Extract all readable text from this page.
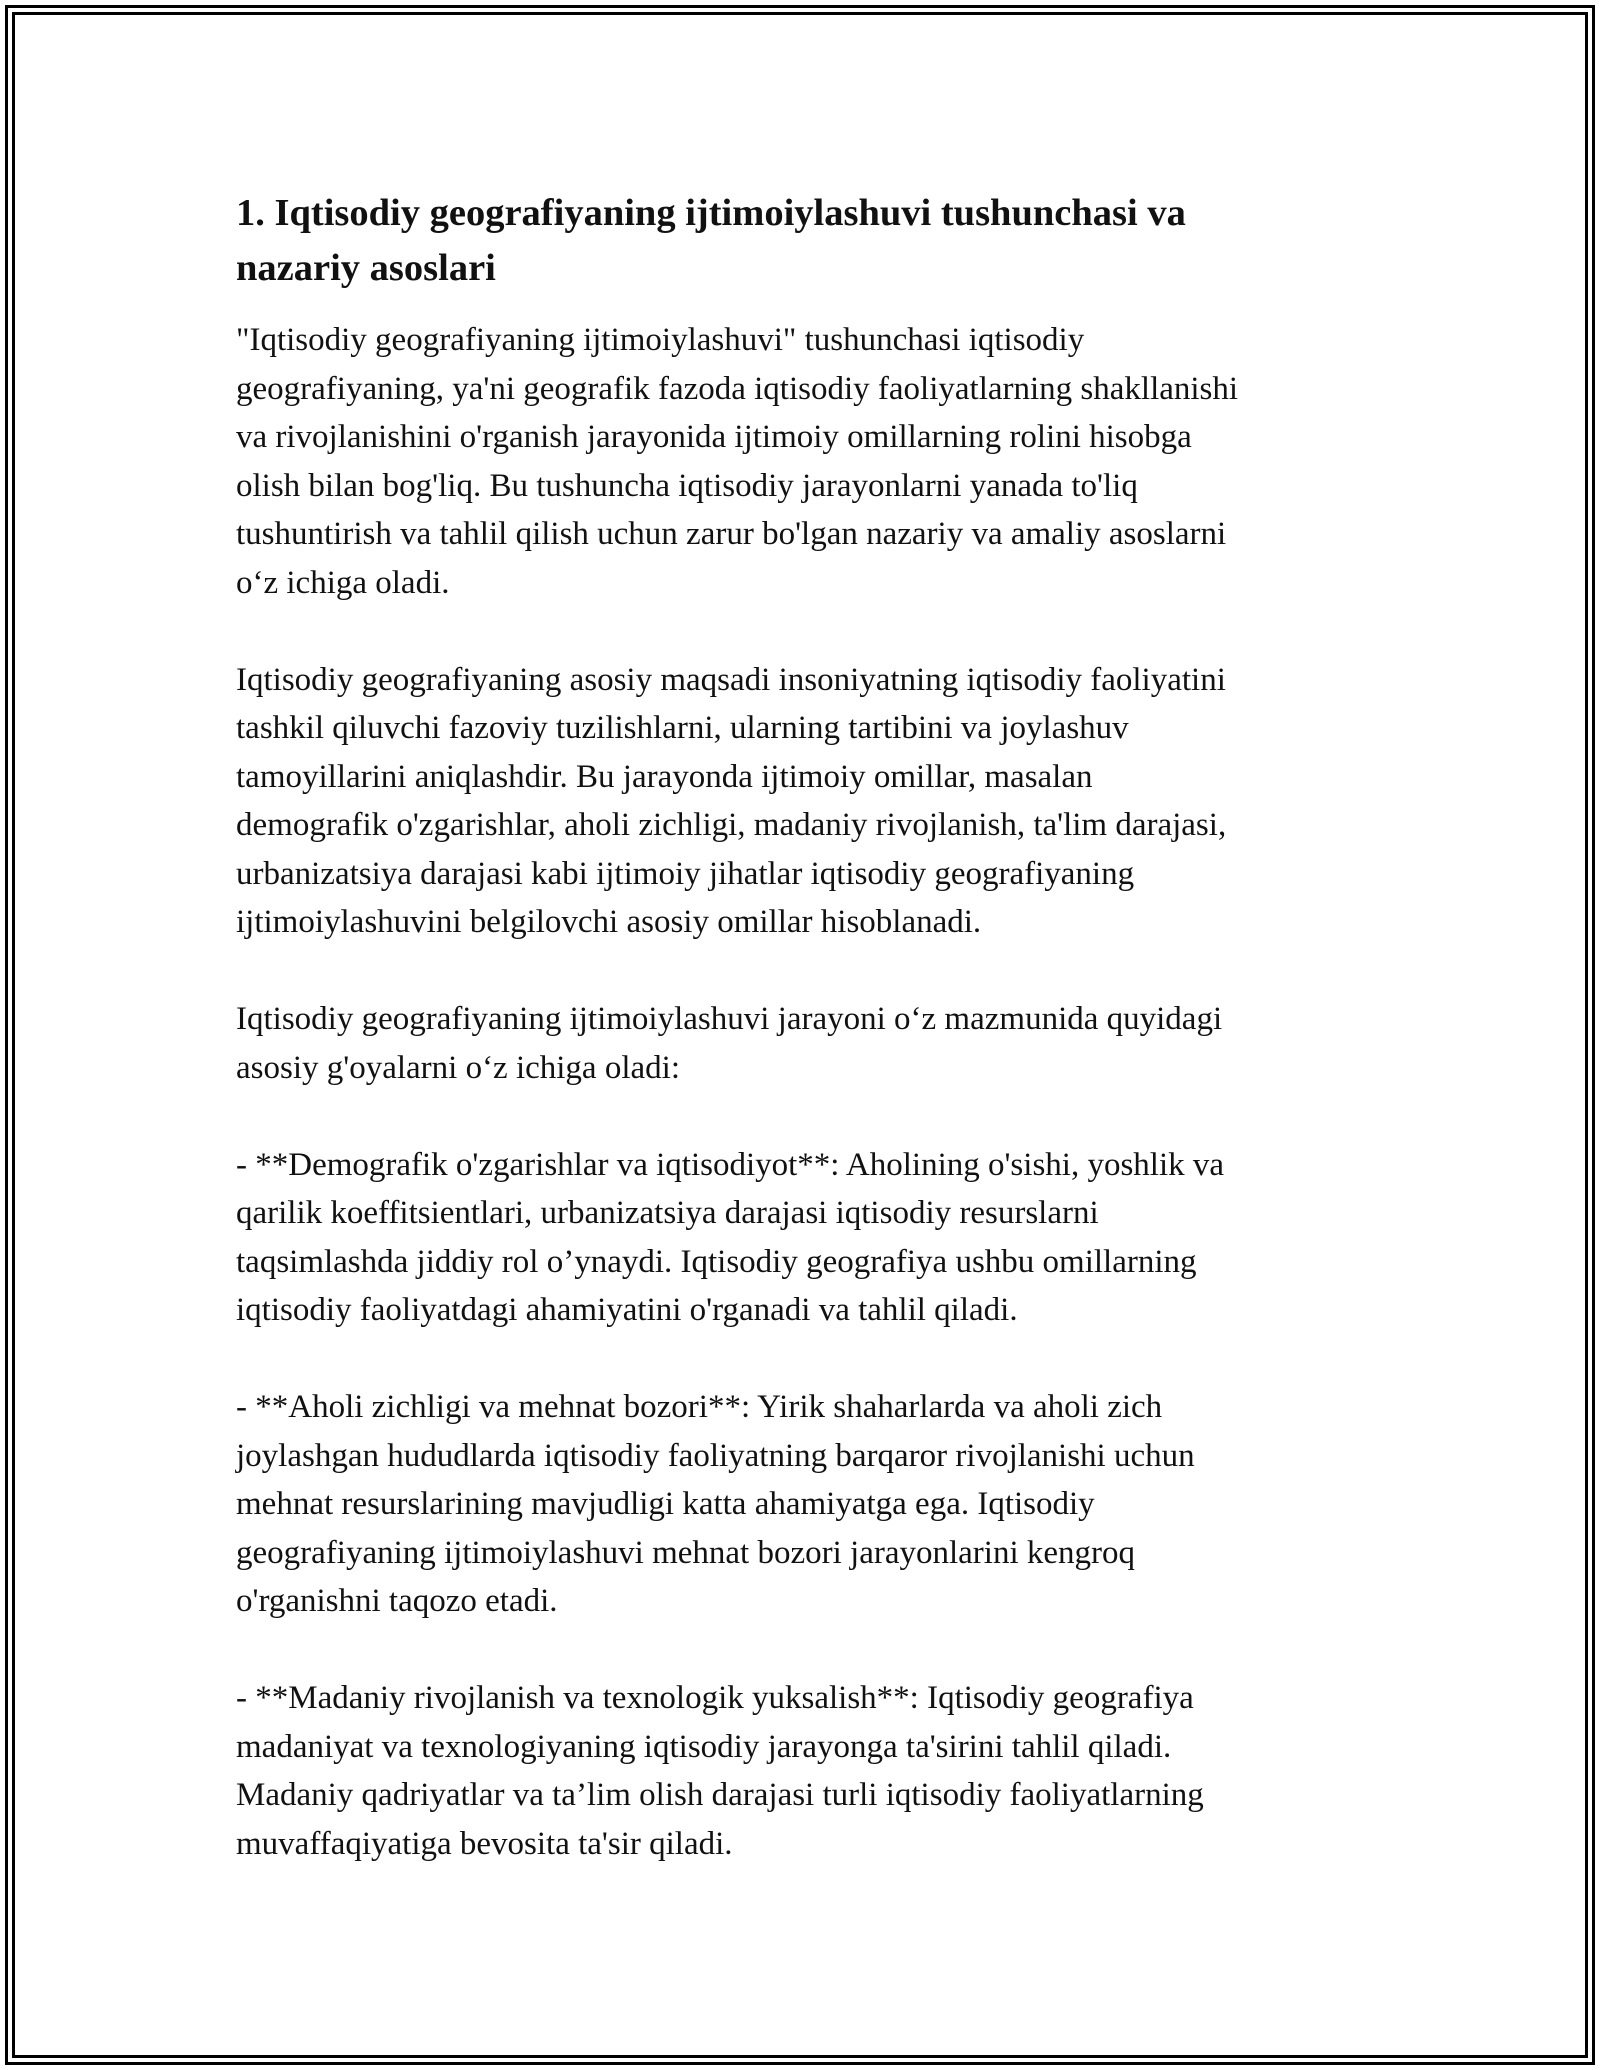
1. Iqtisodiy geografiyaning ijtimoiylashuvi tushunchasi va
nazariy asoslari

"Iqtisodiy geografiyaning ijtimoiylashuvi" tushunchasi iqtisodiy
geografiyaning, ya'ni geografik fazoda iqtisodiy faoliyatlarning shakllanishi
va rivojlanishini o'rganish jarayonida ijtimoiy omillarning rolini hisobga
olish bilan bog'liq. Bu tushuncha iqtisodiy jarayonlarni yanada to'liq
tushuntirish va tahlil qilish uchun zarur bo'lgan nazariy va amaliy asoslarni
o‘z ichiga oladi.

Iqtisodiy geografiyaning asosiy maqsadi insoniyatning iqtisodiy faoliyatini
tashkil qiluvchi fazoviy tuzilishlarni, ularning tartibini va joylashuv
tamoyillarini aniqlashdir. Bu jarayonda ijtimoiy omillar, masalan
demografik o'zgarishlar, aholi zichligi, madaniy rivojlanish, ta'lim darajasi,
urbanizatsiya darajasi kabi ijtimoiy jihatlar iqtisodiy geografiyaning
ijtimoiylashuvini belgilovchi asosiy omillar hisoblanadi.

Iqtisodiy geografiyaning ijtimoiylashuvi jarayoni o‘z mazmunida quyidagi
asosiy g'oyalarni o‘z ichiga oladi:

- **Demografik o'zgarishlar va iqtisodiyot**: Aholining o'sishi, yoshlik va
qarilik koeffitsientlari, urbanizatsiya darajasi iqtisodiy resurslarni
taqsimlashda jiddiy rol o’ynaydi. Iqtisodiy geografiya ushbu omillarning
iqtisodiy faoliyatdagi ahamiyatini o'rganadi va tahlil qiladi.

- **Aholi zichligi va mehnat bozori**: Yirik shaharlarda va aholi zich
joylashgan hududlarda iqtisodiy faoliyatning barqaror rivojlanishi uchun
mehnat resurslarining mavjudligi katta ahamiyatga ega. Iqtisodiy
geografiyaning ijtimoiylashuvi mehnat bozori jarayonlarini kengroq
o'rganishni taqozo etadi.

- **Madaniy rivojlanish va texnologik yuksalish**: Iqtisodiy geografiya
madaniyat va texnologiyaning iqtisodiy jarayonga ta'sirini tahlil qiladi.
Madaniy qadriyatlar va ta’lim olish darajasi turli iqtisodiy faoliyatlarning
muvaffaqiyatiga bevosita ta'sir qiladi.
